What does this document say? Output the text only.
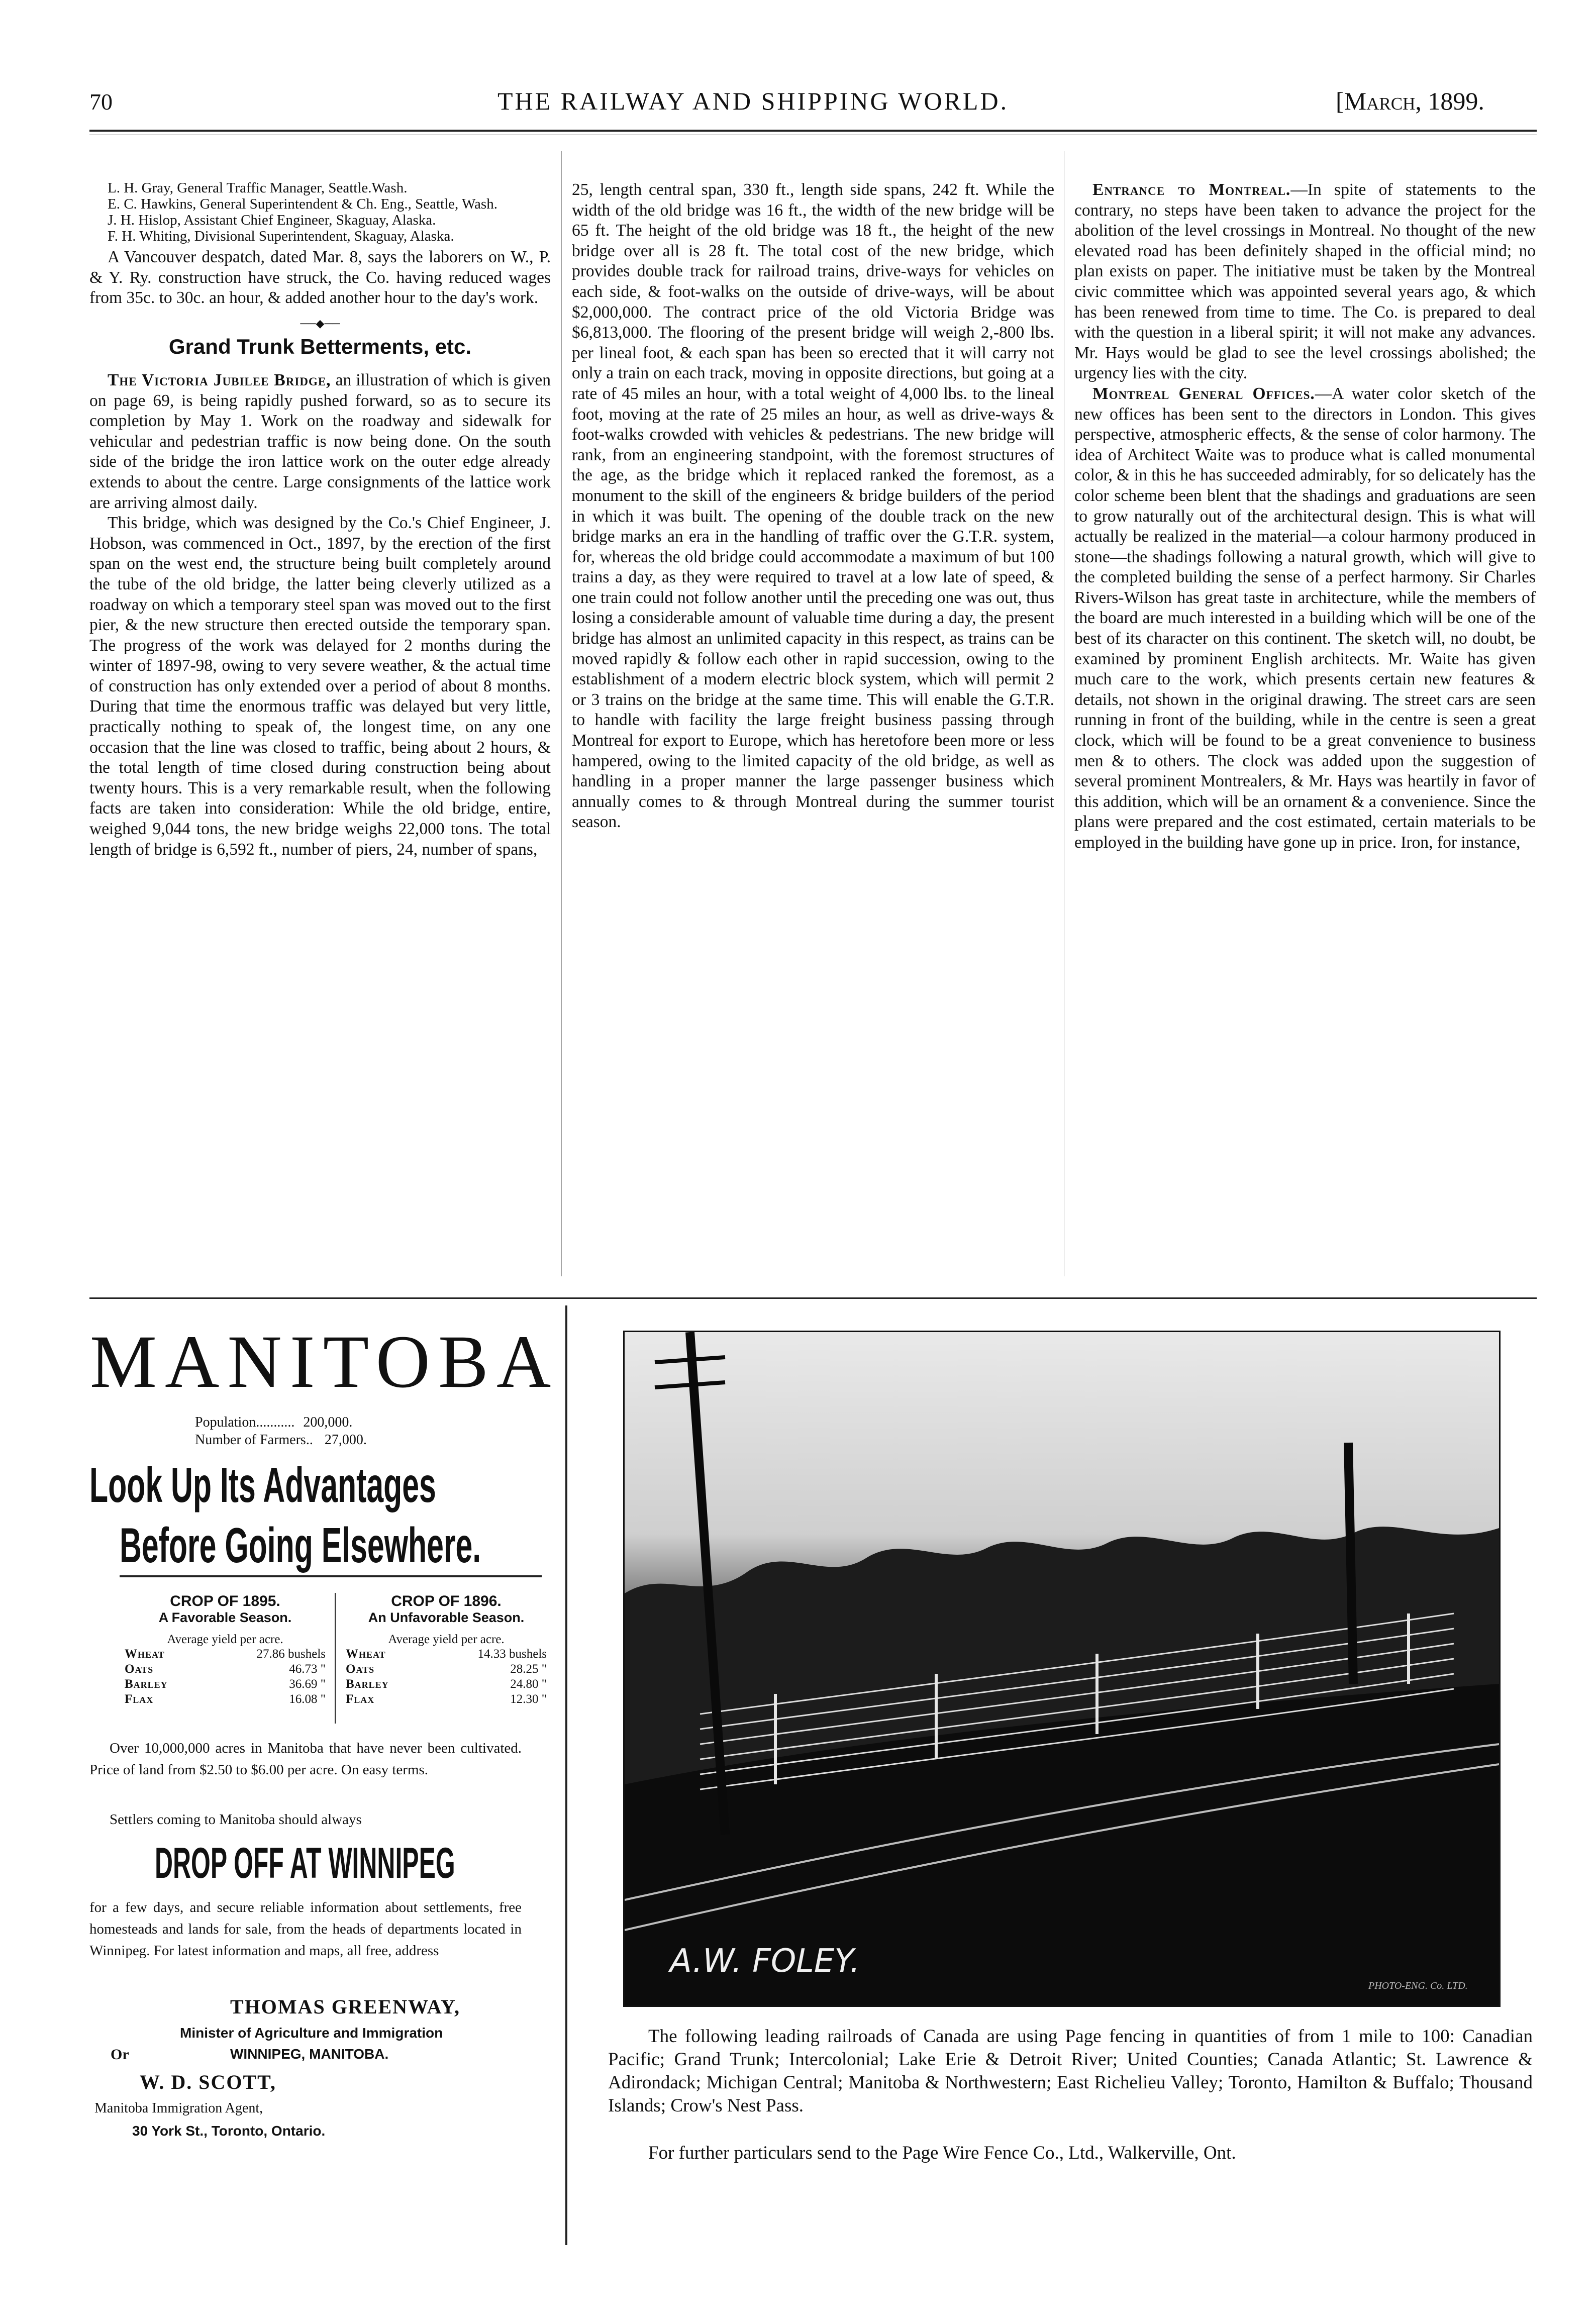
70	THE RAILWAY AND SHIPPING WORLD.	[March, 1899.

L. H. Gray, General Traffic Manager, Seattle.Wash.

E. C. Hawkins, General Superintendent & Ch. Eng., Seattle, Wash.

J. H. Hislop, Assistant Chief Engineer, Skaguay, Alaska.

F. H. Whiting, Divisional Superintendent, Skaguay, Alaska.

A Vancouver despatch, dated Mar. 8, says the laborers on W., P. & Y. Ry. construction have struck, the Co. having reduced wages from 35c. to 30c. an hour, & added another hour to the day's work.

──◆──
Grand Trunk Betterments, etc.

The Victoria Jubilee Bridge, an illustration of which is given on page 69, is being rapidly pushed forward, so as to secure its completion by May 1. Work on the roadway and sidewalk for vehicular and pedestrian traffic is now being done. On the south side of the bridge the iron lattice work on the outer edge already extends to about the centre. Large consignments of the lattice work are arriving almost daily.

This bridge, which was designed by the Co.'s Chief Engineer, J. Hobson, was commenced in Oct., 1897, by the erection of the first span on the west end, the structure being built completely around the tube of the old bridge, the latter being cleverly utilized as a roadway on which a temporary steel span was moved out to the first pier, & the new structure then erected outside the temporary span. The progress of the work was delayed for 2 months during the winter of 1897-98, owing to very severe weather, & the actual time of construction has only extended over a period of about 8 months. During that time the enormous traffic was delayed but very little, practically nothing to speak of, the longest time, on any one occasion that the line was closed to traffic, being about 2 hours, & the total length of time closed during construction being about twenty hours. This is a very remarkable result, when the following facts are taken into consideration: While the old bridge, entire, weighed 9,044 tons, the new bridge weighs 22,000 tons. The total length of bridge is 6,592 ft., number of piers, 24, number of spans,

25, length central span, 330 ft., length side spans, 242 ft. While the width of the old bridge was 16 ft., the width of the new bridge will be 65 ft. The height of the old bridge was 18 ft., the height of the new bridge over all is 28 ft. The total cost of the new bridge, which provides double track for railroad trains, drive-ways for vehicles on each side, & foot-walks on the outside of drive-ways, will be about $2,000,000. The contract price of the old Victoria Bridge was $6,813,000. The flooring of the present bridge will weigh 2,-800 lbs. per lineal foot, & each span has been so erected that it will carry not only a train on each track, moving in opposite directions, but going at a rate of 45 miles an hour, with a total weight of 4,000 lbs. to the lineal foot, moving at the rate of 25 miles an hour, as well as drive-ways & foot-walks crowded with vehicles & pedestrians. The new bridge will rank, from an engineering standpoint, with the foremost structures of the age, as the bridge which it replaced ranked the foremost, as a monument to the skill of the engineers & bridge builders of the period in which it was built. The opening of the double track on the new bridge marks an era in the handling of traffic over the G.T.R. system, for, whereas the old bridge could accommodate a maximum of but 100 trains a day, as they were required to travel at a low late of speed, & one train could not follow another until the preceding one was out, thus losing a considerable amount of valuable time during a day, the present bridge has almost an unlimited capacity in this respect, as trains can be moved rapidly & follow each other in rapid succession, owing to the establishment of a modern electric block system, which will permit 2 or 3 trains on the bridge at the same time. This will enable the G.T.R. to handle with facility the large freight business passing through Montreal for export to Europe, which has heretofore been more or less hampered, owing to the limited capacity of the old bridge, as well as handling in a proper manner the large passenger business which annually comes to & through Montreal during the summer tourist season.

Entrance to Montreal.—In spite of statements to the contrary, no steps have been taken to advance the project for the abolition of the level crossings in Montreal. No thought of the new elevated road has been definitely shaped in the official mind; no plan exists on paper. The initiative must be taken by the Montreal civic committee which was appointed several years ago, & which has been renewed from time to time. The Co. is prepared to deal with the question in a liberal spirit; it will not make any advances. Mr. Hays would be glad to see the level crossings abolished; the urgency lies with the city.

Montreal General Offices.—A water color sketch of the new offices has been sent to the directors in London. This gives perspective, atmospheric effects, & the sense of color harmony. The idea of Architect Waite was to produce what is called monumental color, & in this he has succeeded admirably, for so delicately has the color scheme been blent that the shadings and graduations are seen to grow naturally out of the architectural design. This is what will actually be realized in the material—a colour harmony produced in stone—the shadings following a natural growth, which will give to the completed building the sense of a perfect harmony. Sir Charles Rivers-Wilson has great taste in architecture, while the members of the board are much interested in a building which will be one of the best of its character on this continent. The sketch will, no doubt, be examined by prominent English architects. Mr. Waite has given much care to the work, which presents certain new features & details, not shown in the original drawing. The street cars are seen running in front of the building, while in the centre is seen a great clock, which will be found to be a great convenience to business men & to others. The clock was added upon the suggestion of several prominent Montrealers, & Mr. Hays was heartily in favor of this addition, which will be an ornament & a convenience. Since the plans were prepared and the cost estimated, certain materials to be employed in the building have gone up in price. Iron, for instance,

MANITOBA
Population........... 200,000.
Number of Farmers.. 27,000.
Look Up Its Advantages
Before Going Elsewhere.
CROP OF 1895.
A Favorable Season.
Average yield per acre.
Wheat	27.86 bushels
Oats	46.73 "
Barley	36.69 "
Flax	16.08 "
CROP OF 1896.
An Unfavorable Season.
Average yield per acre.
Wheat	14.33 bushels
Oats	28.25 "
Barley	24.80 "
Flax	12.30 "
Over 10,000,000 acres in Manitoba that have never been cultivated. Price of land from $2.50 to $6.00 per acre. On easy terms.
Settlers coming to Manitoba should always
DROP OFF AT WINNIPEG
for a few days, and secure reliable information about settlements, free homesteads and lands for sale, from the heads of departments located in Winnipeg. For latest information and maps, all free, address
THOMAS GREENWAY,
Minister of Agriculture and Immigration
Or	WINNIPEG, MANITOBA.
W. D. SCOTT,
Manitoba Immigration Agent,
30 York St., Toronto, Ontario.
A.W. FOLEY.
PHOTO-ENG. Co. LTD.
The following leading railroads of Canada are using Page fencing in quantities of from 1 mile to 100: Canadian Pacific; Grand Trunk; Intercolonial; Lake Erie & Detroit River; United Counties; Canada Atlantic; St. Lawrence & Adirondack; Michigan Central; Manitoba & Northwestern; East Richelieu Valley; Toronto, Hamilton & Buffalo; Thousand Islands; Crow's Nest Pass.
For further particulars send to the Page Wire Fence Co., Ltd., Walkerville, Ont.
